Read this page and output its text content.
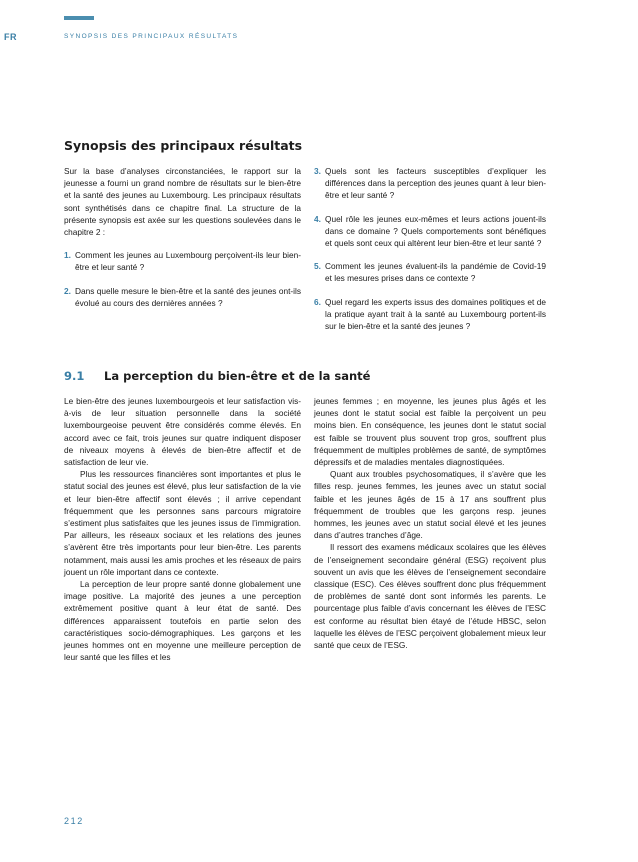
FR	SYNOPSIS DES PRINCIPAUX RÉSULTATS
Synopsis des principaux résultats

Sur la base d’analyses circonstanciées, le rapport sur la jeunesse a fourni un grand nombre de résultats sur le bien-être et la santé des jeunes au Luxembourg. Les principaux résultats sont synthétisés dans ce chapitre final. La structure de la présente synopsis est axée sur les questions soulevées dans le chapitre 2 :

1. Comment les jeunes au Luxembourg perçoivent-ils leur bien-être et leur santé ?
2. Dans quelle mesure le bien-être et la santé des jeunes ont-ils évolué au cours des dernières années ?
3. Quels sont les facteurs susceptibles d’expliquer les différences dans la perception des jeunes quant à leur bien-être et leur santé ?
4. Quel rôle les jeunes eux-mêmes et leurs actions jouent-ils dans ce domaine ? Quels comportements sont bénéfiques et quels sont ceux qui altèrent leur bien-être et leur santé ?
5. Comment les jeunes évaluent-ils la pandémie de Covid-19 et les mesures prises dans ce contexte ?
6. Quel regard les experts issus des domaines politiques et de la pratique ayant trait à la santé au Luxembourg portent-ils sur le bien-être et la santé des jeunes ?
9.1 La perception du bien-être et de la santé

Le bien-être des jeunes luxembourgeois et leur satisfaction vis-à-vis de leur situation personnelle dans la société luxembourgeoise peuvent être considérés comme élevés. En accord avec ce fait, trois jeunes sur quatre indiquent disposer de niveaux moyens à élevés de bien-être affectif et de satisfaction de leur vie.

Plus les ressources financières sont importantes et plus le statut social des jeunes est élevé, plus leur satisfaction de la vie et leur bien-être affectif sont élevés ; il arrive cependant fréquemment que les personnes sans parcours migratoire s’estiment plus satisfaites que les jeunes issus de l’immigration. Par ailleurs, les réseaux sociaux et les relations des jeunes s’avèrent être très importants pour leur bien-être. Les parents notamment, mais aussi les amis proches et les réseaux de pairs jouent un rôle important dans ce contexte.

La perception de leur propre santé donne globalement une image positive. La majorité des jeunes a une perception extrêmement positive quant à leur état de santé. Des différences apparaissent toutefois en partie selon des caractéristiques socio-démographiques. Les garçons et les jeunes hommes ont en moyenne une meilleure perception de leur santé que les filles et les

jeunes femmes ; en moyenne, les jeunes plus âgés et les jeunes dont le statut social est faible la perçoivent un peu moins bien. En conséquence, les jeunes dont le statut social est faible se trouvent plus souvent trop gros, souffrent plus fréquemment de multiples problèmes de santé, de symptômes dépressifs et de maladies mentales diagnostiquées.

Quant aux troubles psychosomatiques, il s’avère que les filles resp. jeunes femmes, les jeunes avec un statut social faible et les jeunes âgés de 15 à 17 ans souffrent plus fréquemment de troubles que les garçons resp. jeunes hommes, les jeunes avec un statut social élevé et les jeunes dans d’autres tranches d’âge.

Il ressort des examens médicaux scolaires que les élèves de l’enseignement secondaire général (ESG) reçoivent plus souvent un avis que les élèves de l’enseignement secondaire classique (ESC). Ces élèves souffrent donc plus fréquemment de problèmes de santé dont sont informés les parents. Le pourcentage plus faible d’avis concernant les élèves de l’ESC est conforme au résultat bien étayé de l’étude HBSC, selon laquelle les élèves de l’ESC perçoivent globalement mieux leur santé que ceux de l’ESG.

212
